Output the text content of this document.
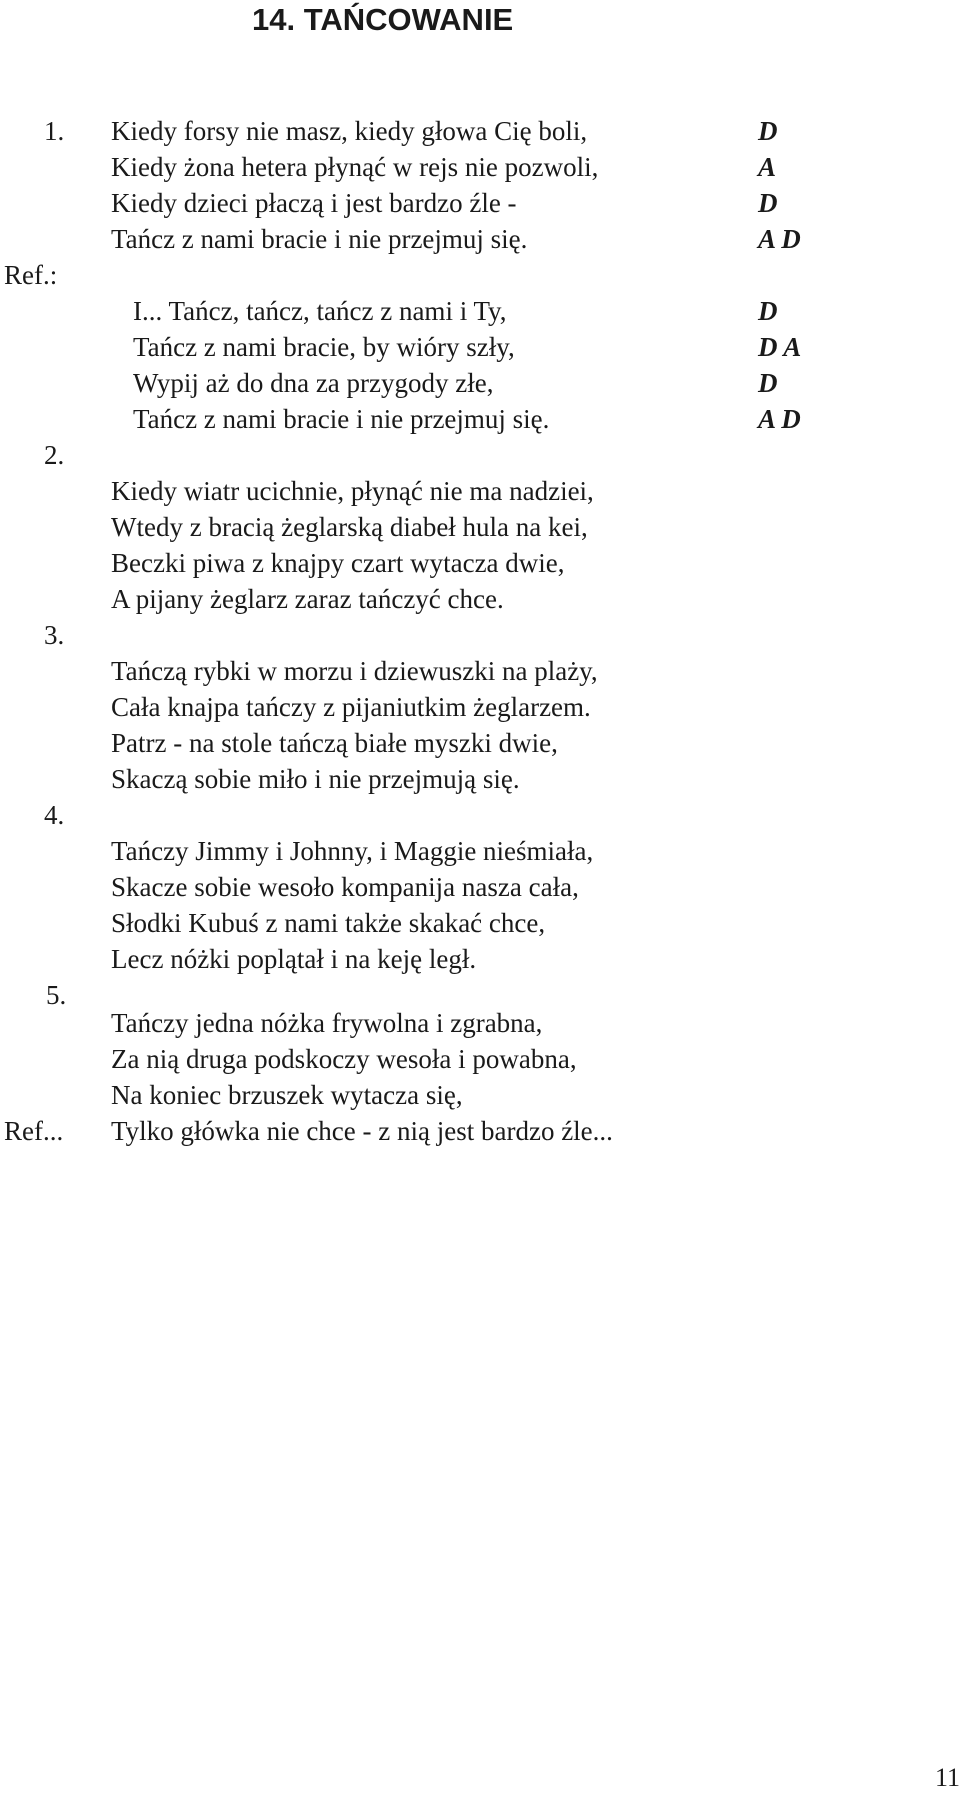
14. TAŃCOWANIE
1.
Ref.:
2.
3.
4.
5.
Ref...
Kiedy forsy nie masz, kiedy głowa Cię boli,
Kiedy żona hetera płynąć w rejs nie pozwoli,
Kiedy dzieci płaczą i jest bardzo źle -
Tańcz z nami bracie i nie przejmuj się.
I... Tańcz, tańcz, tańcz z nami i Ty,
Tańcz z nami bracie, by wióry szły,
Wypij aż do dna za przygody złe,
Tańcz z nami bracie i nie przejmuj się.
Kiedy wiatr ucichnie, płynąć nie ma nadziei,
Wtedy z bracią żeglarską diabeł hula na kei,
Beczki piwa z knajpy czart wytacza dwie,
A pijany żeglarz zaraz tańczyć chce.
Tańczą rybki w morzu i dziewuszki na plaży,
Cała knajpa tańczy z pijaniutkim żeglarzem.
Patrz - na stole tańczą białe myszki dwie,
Skaczą sobie miło i nie przejmują się.
Tańczy Jimmy i Johnny, i Maggie nieśmiała,
Skacze sobie wesoło kompanija nasza cała,
Słodki Kubuś z nami także skakać chce,
Lecz nóżki poplątał i na keję legł.
Tańczy jedna nóżka frywolna i zgrabna,
Za nią druga podskoczy wesoła i powabna,
Na koniec brzuszek wytacza się,
Tylko główka nie chce - z nią jest bardzo źle...
D
A
D
A D
D
D A
D
A D
11
